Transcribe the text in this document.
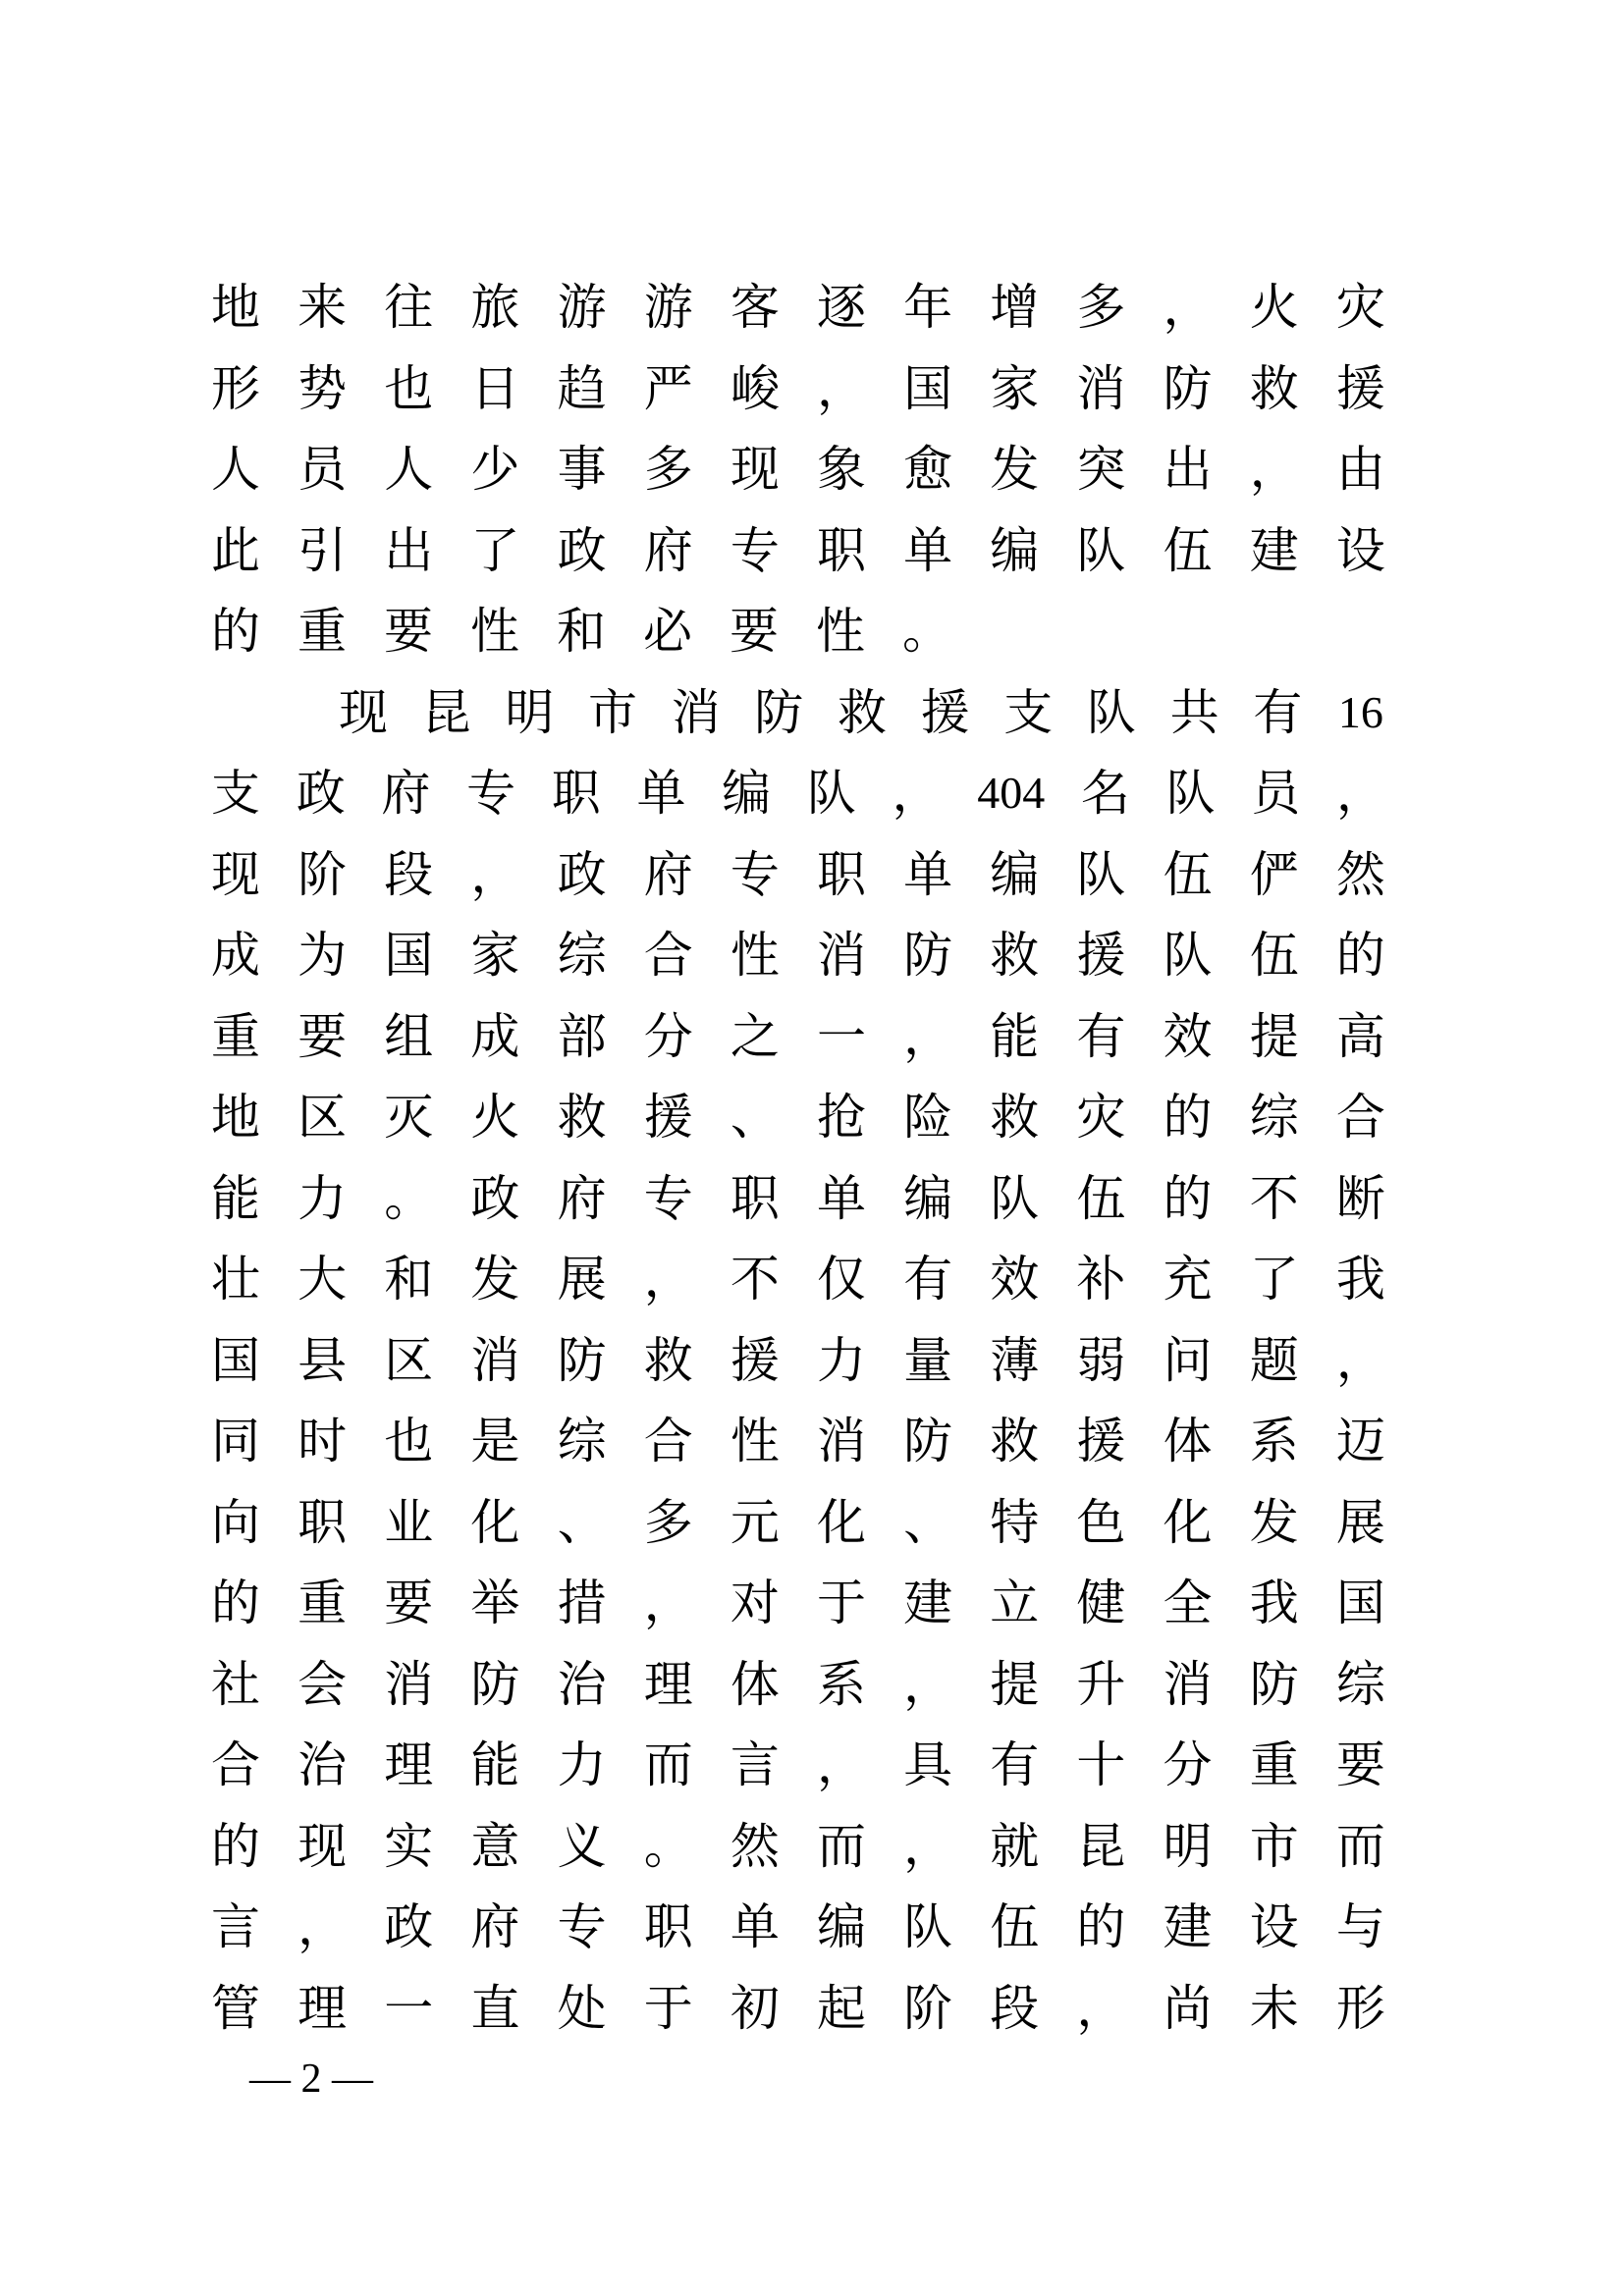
地 来 往 旅 游 游 客 逐 年 增 多 ， 火 灾
形 势 也 日 趋 严 峻 ， 国 家 消 防 救 援
人 员 人 少 事 多 现 象 愈 发 突 出 ， 由
此 引 出 了 政 府 专 职 单 编 队 伍 建 设
的 重 要 性 和 必 要 性 。
现 昆 明 市 消 防 救 援 支 队 共 有 16
支 政 府 专 职 单 编 队 ， 404 名 队 员 ，
现 阶 段 ， 政 府 专 职 单 编 队 伍 俨 然
成 为 国 家 综 合 性 消 防 救 援 队 伍 的
重 要 组 成 部 分 之 一 ， 能 有 效 提 高
地 区 灭 火 救 援 、 抢 险 救 灾 的 综 合
能 力 。 政 府 专 职 单 编 队 伍 的 不 断
壮 大 和 发 展 ， 不 仅 有 效 补 充 了 我
国 县 区 消 防 救 援 力 量 薄 弱 问 题 ，
同 时 也 是 综 合 性 消 防 救 援 体 系 迈
向 职 业 化 、 多 元 化 、 特 色 化 发 展
的 重 要 举 措 ， 对 于 建 立 健 全 我 国
社 会 消 防 治 理 体 系 ， 提 升 消 防 综
合 治 理 能 力 而 言 ， 具 有 十 分 重 要
的 现 实 意 义 。 然 而 ， 就 昆 明 市 而
言 ， 政 府 专 职 单 编 队 伍 的 建 设 与
管 理 一 直 处 于 初 起 阶 段 ， 尚 未 形
— 2 —
